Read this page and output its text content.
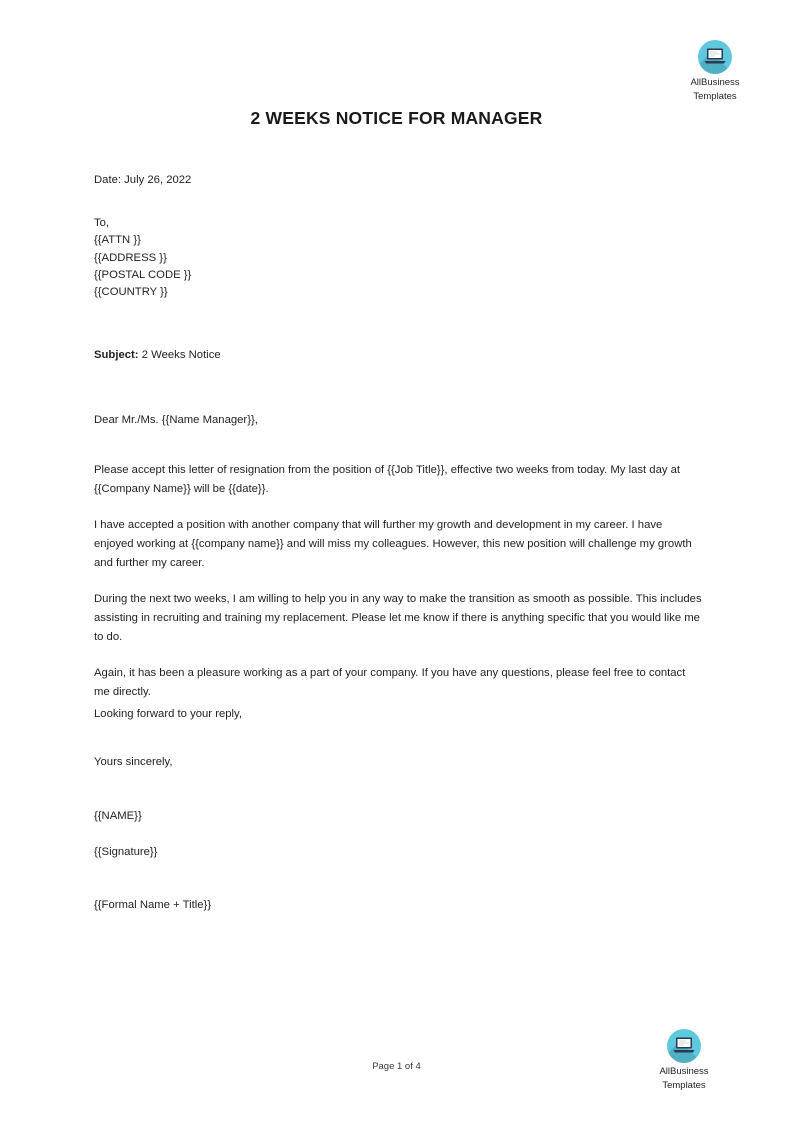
AllBusiness
Templates
2 WEEKS NOTICE FOR MANAGER
Date: July 26, 2022
To,
{{ATTN }}
{{ADDRESS }}
{{POSTAL CODE }}
{{COUNTRY }}
Subject: 2 Weeks Notice
Dear Mr./Ms. {{Name Manager}},

Please accept this letter of resignation from the position of {{Job Title}}, effective two weeks from today. My last day at {{Company Name}} will be {{date}}.

I have accepted a position with another company that will further my growth and development in my career. I have enjoyed working at {{company name}} and will miss my colleagues. However, this new position will challenge my growth and further my career.

During the next two weeks, I am willing to help you in any way to make the transition as smooth as possible. This includes assisting in recruiting and training my replacement. Please let me know if there is anything specific that you would like me to do.

Again, it has been a pleasure working as a part of your company. If you have any questions, please feel free to contact me directly.

Looking forward to your reply,
Yours sincerely,
{{NAME}}
{{Signature}}
{{Formal Name + Title}}
Page 1 of 4	AllBusiness
Templates
